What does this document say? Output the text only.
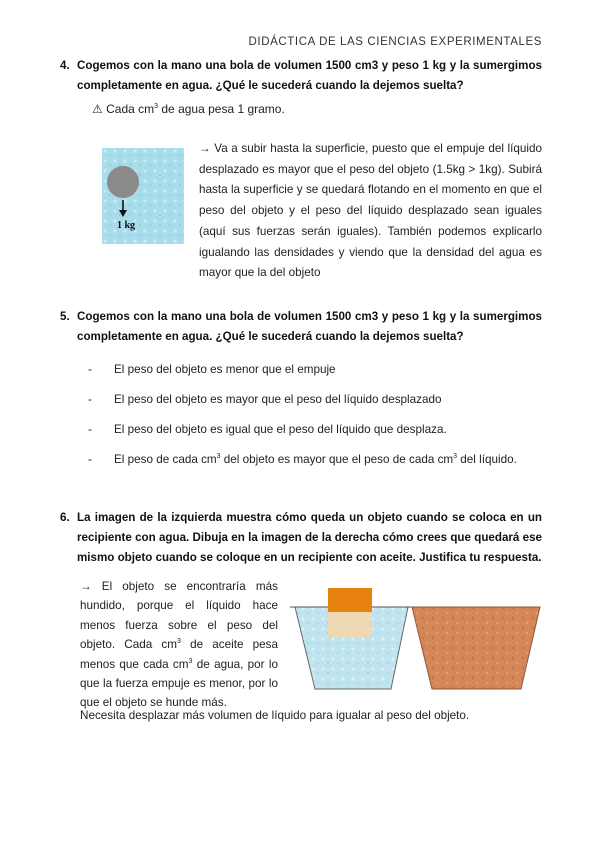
DIDÁCTICA DE LAS CIENCIAS EXPERIMENTALES
4. Cogemos con la mano una bola de volumen 1500 cm3 y peso 1 kg y la sumergimos completamente en agua. ¿Qué le sucederá cuando la dejemos suelta?
⚠ Cada $cm^3$ de agua pesa 1 gramo.
1 kg
→ Va a subir hasta la superficie, puesto que el empuje del líquido desplazado es mayor que el peso del objeto (1.5kg > 1kg). Subirá hasta la superficie y se quedará flotando en el momento en que el peso del objeto y el peso del líquido desplazado sean iguales (aquí sus fuerzas serán iguales). También podemos explicarlo igualando las densidades y viendo que la densidad del agua es mayor que la del objeto
5. Cogemos con la mano una bola de volumen 1500 cm3 y peso 1 kg y la sumergimos completamente en agua. ¿Qué le sucederá cuando la dejemos suelta?
- El peso del objeto es menor que el empuje
- El peso del objeto es mayor que el peso del líquido desplazado
- El peso del objeto es igual que el peso del líquido que desplaza.
- El peso de cada $cm^3$ del objeto es mayor que el peso de cada $cm^3$ del líquido.
6. La imagen de la izquierda muestra cómo queda un objeto cuando se coloca en un recipiente con agua. Dibuja en la imagen de la derecha cómo crees que quedará ese mismo objeto cuando se coloque en un recipiente con aceite. Justifica tu respuesta.
→ El objeto se encontraría más hundido, porque el líquido hace menos fuerza sobre el peso del objeto. Cada $cm^3$ de aceite pesa menos que cada $cm^3$ de agua, por lo que la fuerza empuje es menor, por lo que el objeto se hunde más.
Necesita desplazar más volumen de líquido para igualar al peso del objeto.
